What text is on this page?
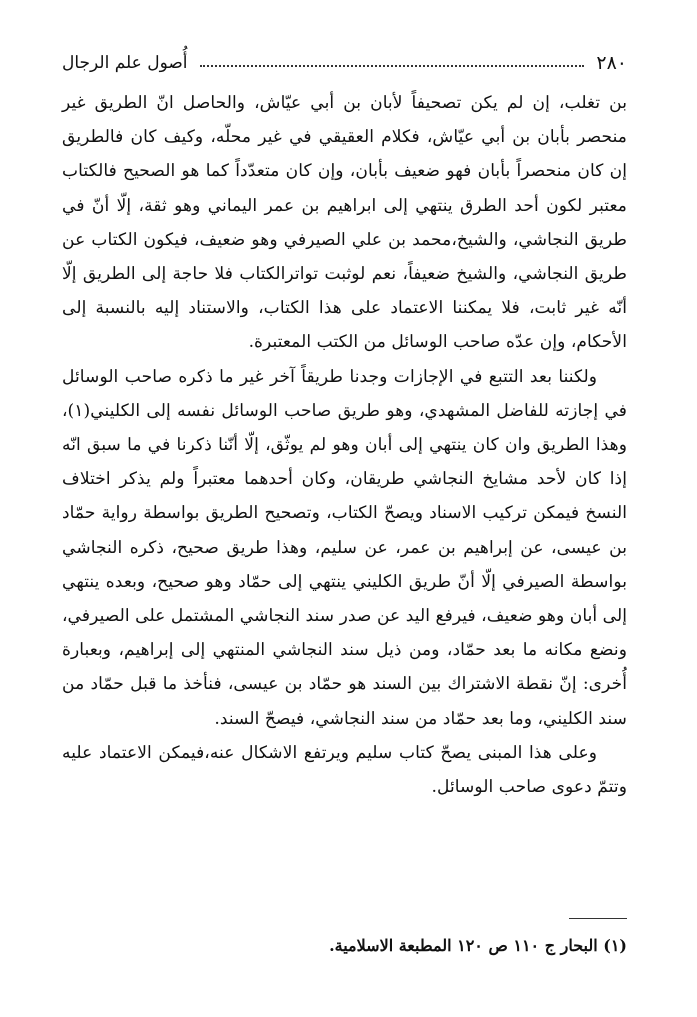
٢٨٠
أُصول علم الرجال

بن تغلب، إن لم يكن تصحيفاً لأبان بن أبي عيّاش، والحاصل انّ الطريق غير منحصر بأبان بن أبي عيّاش، فكلام العقيقي في غير محلّه، وكيف كان فالطريق إن كان منحصراً بأبان فهو ضعيف بأبان، وإن كان متعدّداً كما هو الصحيح فالكتاب معتبر لكون أحد الطرق ينتهي إلى ابراهيم بن عمر اليماني وهو ثقة، إلّا أنّ في طريق النجاشي، والشيخ،محمد بن علي الصيرفي وهو ضعيف، فيكون الكتاب عن طريق النجاشي، والشيخ ضعيفاً، نعم لوثبت تواترالكتاب فلا حاجة إلى الطريق إلّا أنّه غير ثابت، فلا يمكننا الاعتماد على هذا الكتاب، والاستناد إليه بالنسبة إلى الأحكام، وإن عدّه صاحب الوسائل من الكتب المعتبرة.

ولكننا بعد التتبع في الإجازات وجدنا طريقاً آخر غير ما ذكره صاحب الوسائل في إجازته للفاضل المشهدي، وهو طريق صاحب الوسائل نفسه إلى الكليني(١)، وهذا الطريق وان كان ينتهي إلى أبان وهو لم يوثّق، إلّا أنّنا ذكرنا في ما سبق انّه إذا كان لأحد مشايخ النجاشي طريقان، وكان أحدهما معتبراً ولم يذكر اختلاف النسخ فيمكن تركيب الاسناد ويصحّ الكتاب، وتصحيح الطريق بواسطة رواية حمّاد بن عيسى، عن إبراهيم بن عمر، عن سليم، وهذا طريق صحيح، ذكره النجاشي بواسطة الصيرفي إلّا أنّ طريق الكليني ينتهي إلى حمّاد وهو صحيح، وبعده ينتهي إلى أبان وهو ضعيف، فيرفع اليد عن صدر سند النجاشي المشتمل على الصيرفي، ونضع مكانه ما بعد حمّاد، ومن ذيل سند النجاشي المنتهي إلى إبراهيم، وبعبارة أُخرى: إنّ نقطة الاشتراك بين السند هو حمّاد بن عيسى، فنأخذ ما قبل حمّاد من سند الكليني، وما بعد حمّاد من سند النجاشي، فيصحّ السند.

وعلى هذا المبنى يصحّ كتاب سليم ويرتفع الاشكال عنه،فيمكن الاعتماد عليه وتتمّ دعوى صاحب الوسائل.

(١) البحار ج ١١٠ ص ١٢٠ المطبعة الاسلامية.
